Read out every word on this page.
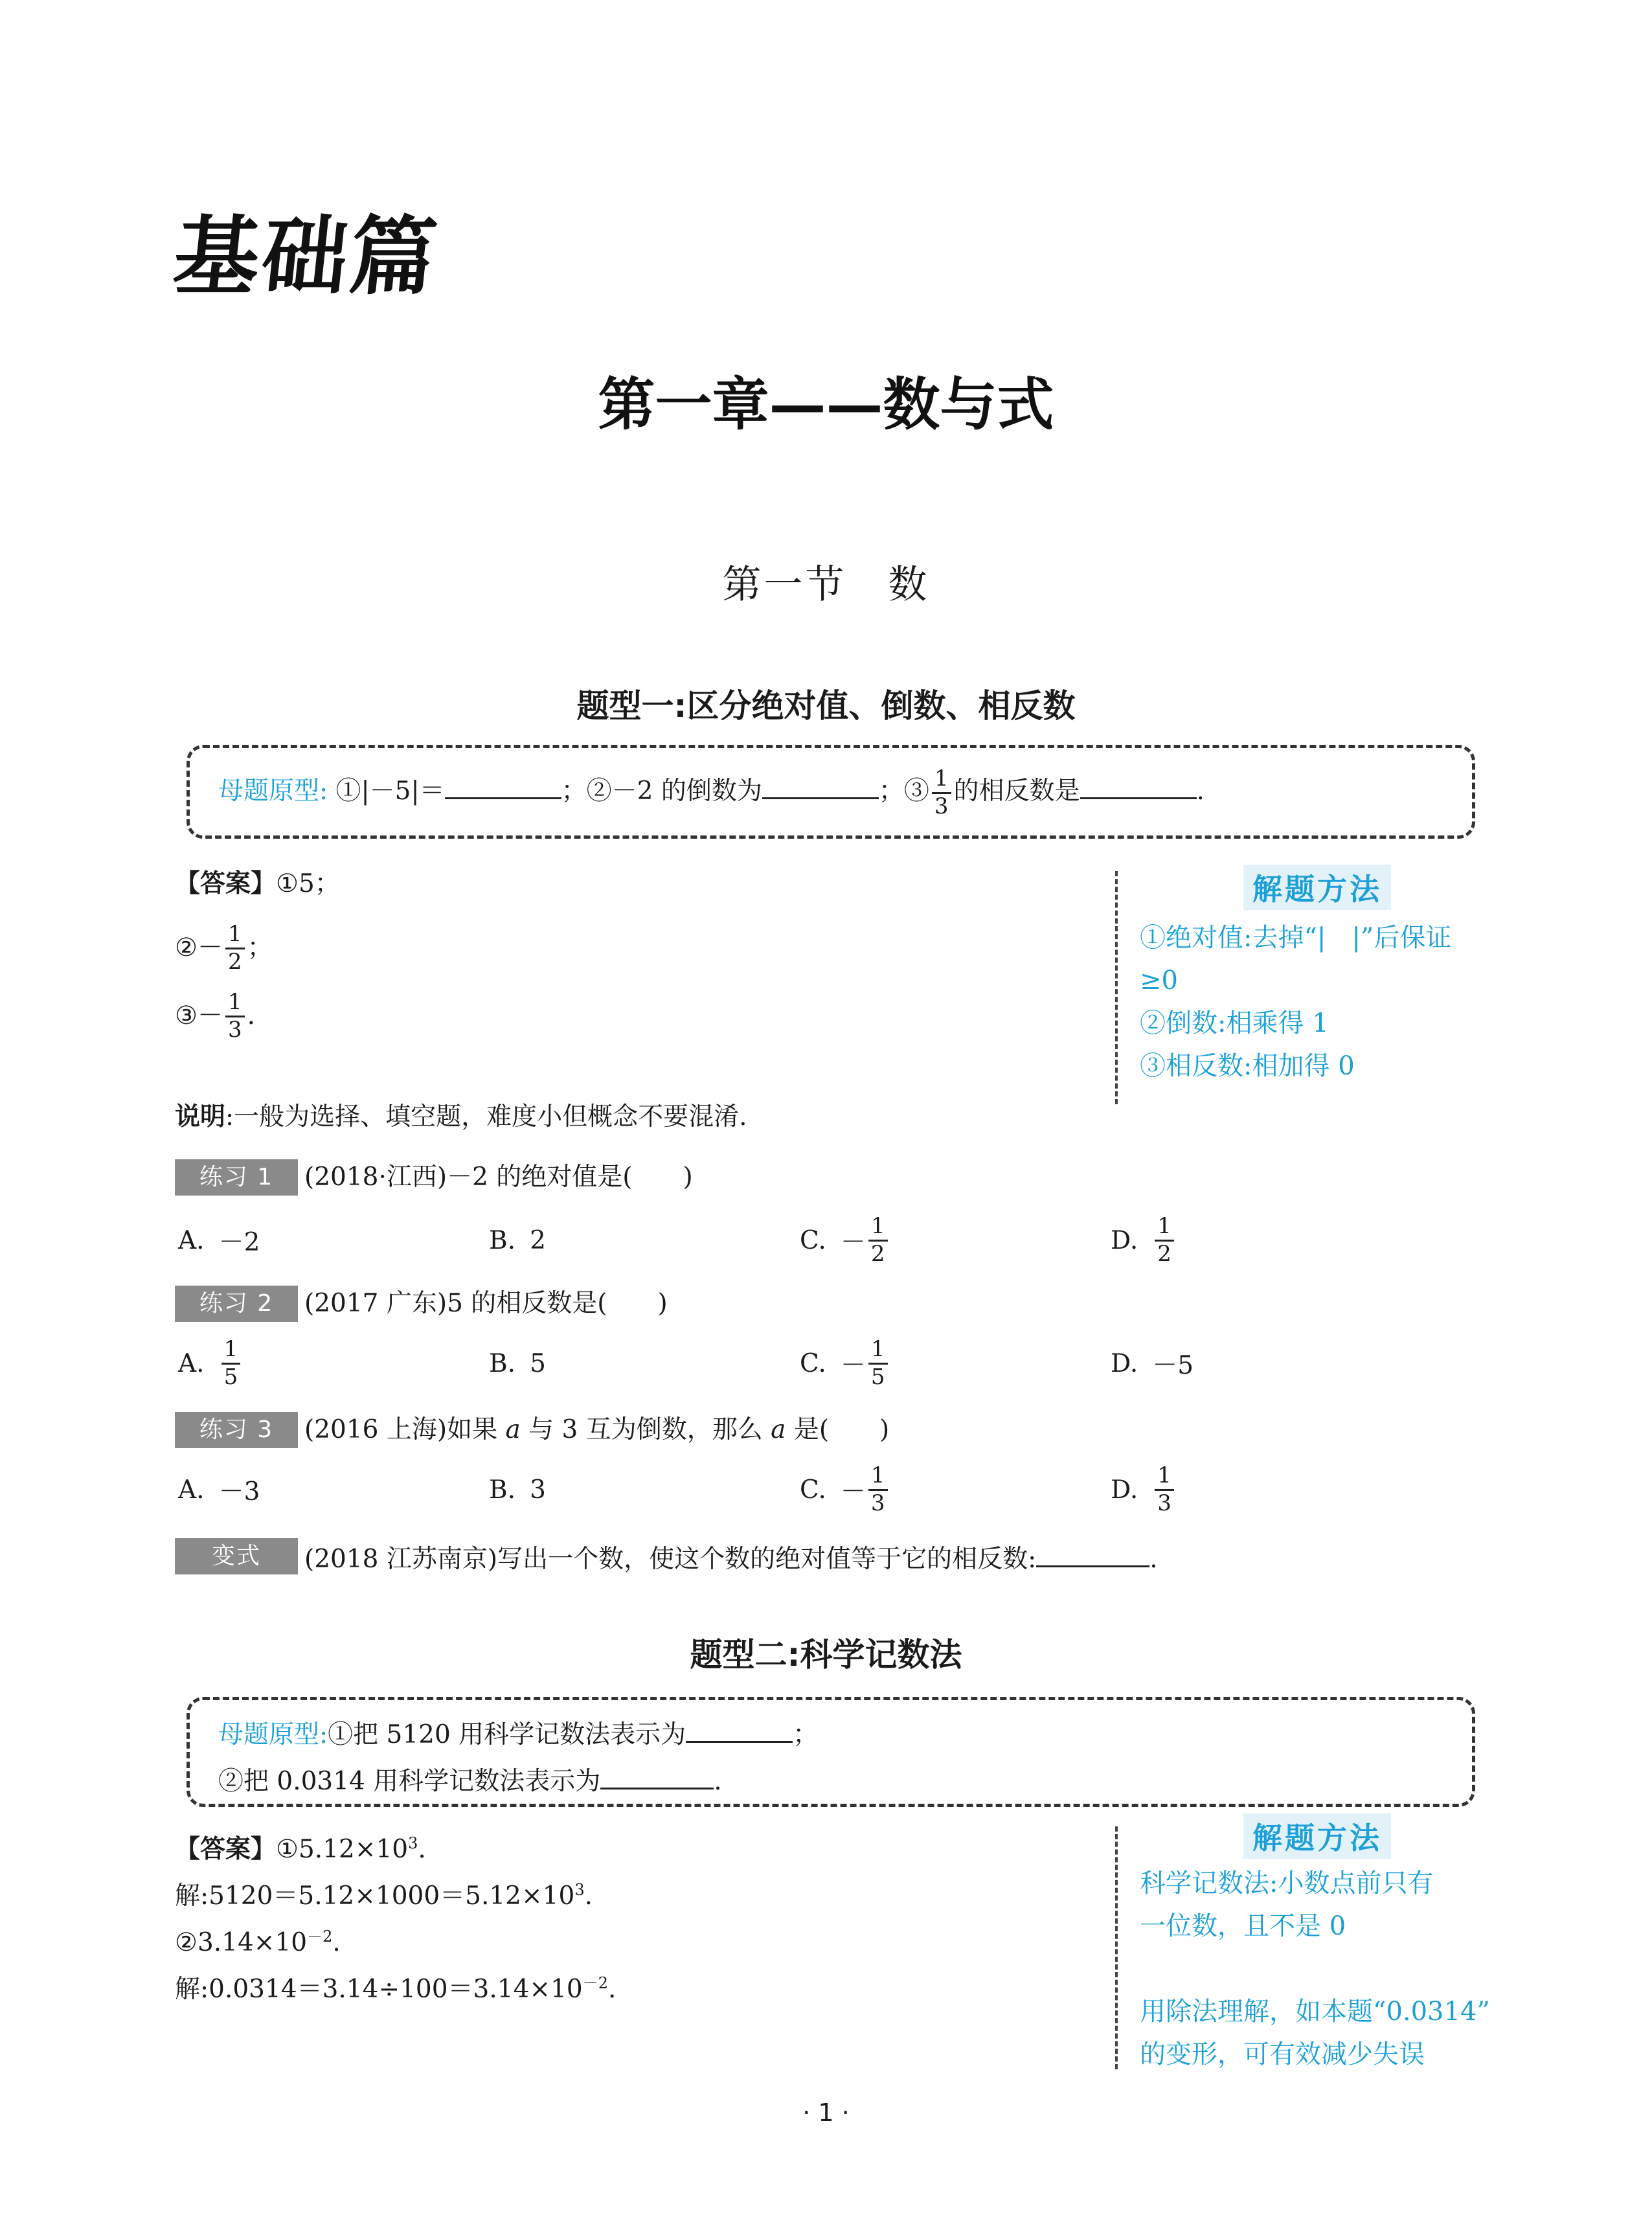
基础篇
第一章——数与式
第一节　数
题型一:区分绝对值、倒数、相反数
母题原型: ①|－5|＝	；②－2 的倒数为	；③ $\frac{1}{3}$ 的相反数是	.
【答案】①5；
②－ $\frac{1}{2}$ ；
③－ $\frac{1}{3}$ .
解题方法
①绝对值:去掉“|　|”后保证
≥0
②倒数:相乘得 1
③相反数:相加得 0
说明:一般为选择、填空题，难度小但概念不要混淆.
练习 1	(2018·江西)－2 的绝对值是(　　)
A. －2	B. 2	C. － $\frac{1}{2}$	D. $\frac{1}{2}$
练习 2	(2017 广东)5 的相反数是(　　)
A. $\frac{1}{5}$	B. 5	C. － $\frac{1}{5}$	D. －5
练习 3	(2016 上海)如果 a 与 3 互为倒数，那么 a 是(　　)
A. －3	B. 3	C. － $\frac{1}{3}$	D. $\frac{1}{3}$
变式	(2018 江苏南京)写出一个数，使这个数的绝对值等于它的相反数:	.
题型二:科学记数法
母题原型:①把 5120 用科学记数法表示为	；
②把 0.0314 用科学记数法表示为	.
【答案】$①5.12\times 10^3$.
解$:5120=5.12\times 1000=5.12\times 10^3$.
$②3.14\times 10^{-2}$.
解$:0.0314=3.14\div 100=3.14\times 10^{-2}$.
解题方法
科学记数法:小数点前只有
一位数，且不是 0
用除法理解，如本题“0.0314”
的变形，可有效减少失误
· 1 ·
